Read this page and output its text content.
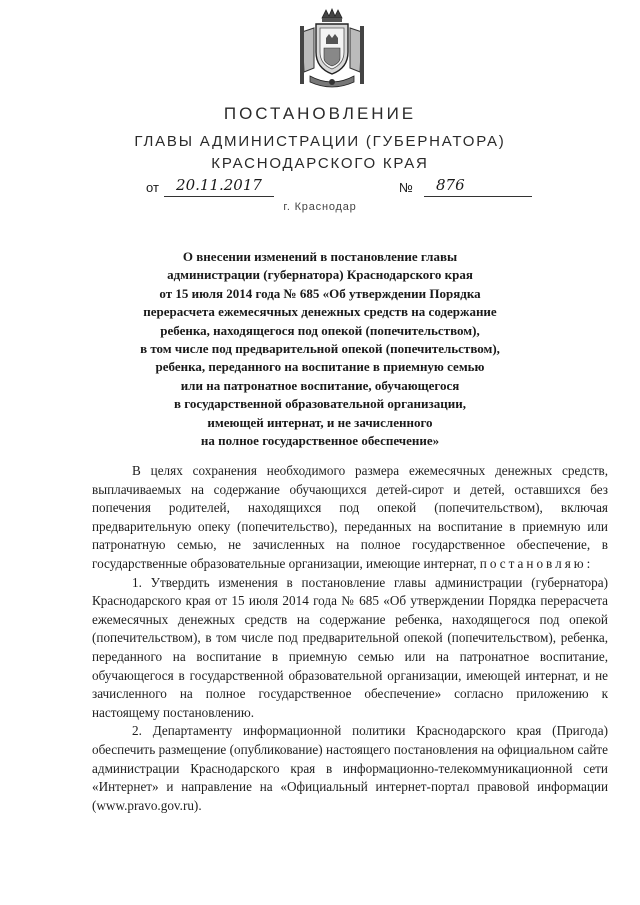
ПОСТАНОВЛЕНИЕ
ГЛАВЫ АДМИНИСТРАЦИИ (ГУБЕРНАТОРА)
КРАСНОДАРСКОГО КРАЯ
от	20.11.2017	№	876
г. Краснодар
О внесении изменений в постановление главы
администрации (губернатора) Краснодарского края
от 15 июля 2014 года № 685 «Об утверждении Порядка
перерасчета ежемесячных денежных средств на содержание
ребенка, находящегося под опекой (попечительством),
в том числе под предварительной опекой (попечительством),
ребенка, переданного на воспитание в приемную семью
или на патронатное воспитание, обучающегося
в государственной образовательной организации,
имеющей интернат, и не зачисленного
на полное государственное обеспечение»

В целях сохранения необходимого размера ежемесячных денежных средств, выплачиваемых на содержание обучающихся детей-сирот и детей, оставшихся без попечения родителей, находящихся под опекой (попечительством), включая предварительную опеку (попечительство), переданных на воспитание в приемную или патронатную семью, не зачисленных на полное государственное обеспечение, в государственные образовательные организации, имеющие интернат, постановляю:

1. Утвердить изменения в постановление главы администрации (губернатора) Краснодарского края от 15 июля 2014 года № 685 «Об утверждении Порядка перерасчета ежемесячных денежных средств на содержание ребенка, находящегося под опекой (попечительством), в том числе под предварительной опекой (попечительством), ребенка, переданного на воспитание в приемную семью или на патронатное воспитание, обучающегося в государственной образовательной организации, имеющей интернат, и не зачисленного на полное государственное обеспечение» согласно приложению к настоящему постановлению.

2. Департаменту информационной политики Краснодарского края (Пригода) обеспечить размещение (опубликование) настоящего постановления на официальном сайте администрации Краснодарского края в информационно-телекоммуникационной сети «Интернет» и направление на «Официальный интернет-портал правовой информации (www.pravo.gov.ru).
